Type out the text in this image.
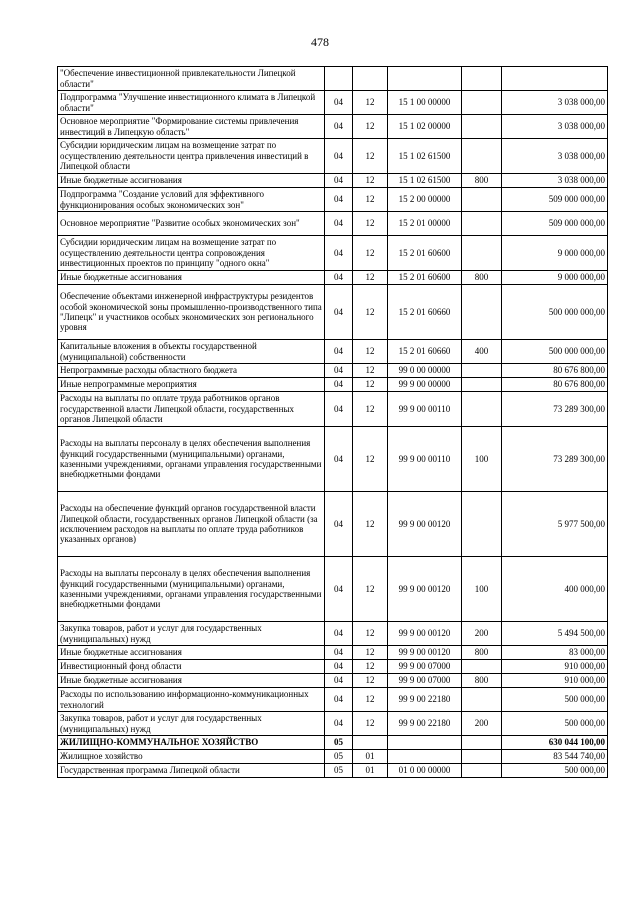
478
"Обеспечение инвестиционной привлекательности Липецкой области"					
Подпрограмма "Улучшение инвестиционного климата в Липецкой области"	04	12	15 1 00 00000		3 038 000,00
Основное мероприятие "Формирование системы привлечения инвестиций в Липецкую область"	04	12	15 1 02 00000		3 038 000,00
Субсидии юридическим лицам на возмещение затрат по осуществлению деятельности центра привлечения инвестиций в Липецкой области	04	12	15 1 02 61500		3 038 000,00
Иные бюджетные ассигнования	04	12	15 1 02 61500	800	3 038 000,00
Подпрограмма "Создание условий для эффективного функционирования особых экономических зон"	04	12	15 2 00 00000		509 000 000,00
Основное мероприятие "Развитие особых экономических зон"	04	12	15 2 01 00000		509 000 000,00
Субсидии юридическим лицам на возмещение затрат по осуществлению деятельности центра сопровождения инвестиционных проектов по принципу "одного окна"	04	12	15 2 01 60600		9 000 000,00
Иные бюджетные ассигнования	04	12	15 2 01 60600	800	9 000 000,00
Обеспечение объектами инженерной инфраструктуры резидентов особой экономической зоны промышленно-производственного типа "Липецк" и участников особых экономических зон регионального уровня	04	12	15 2 01 60660		500 000 000,00
Капитальные вложения в объекты государственной (муниципальной) собственности	04	12	15 2 01 60660	400	500 000 000,00
Непрограммные расходы областного бюджета	04	12	99 0 00 00000		80 676 800,00
Иные непрограммные мероприятия	04	12	99 9 00 00000		80 676 800,00
Расходы на выплаты по оплате труда работников органов государственной власти Липецкой области, государственных органов Липецкой области	04	12	99 9 00 00110		73 289 300,00
Расходы на выплаты персоналу в целях обеспечения выполнения функций государственными (муниципальными) органами, казенными учреждениями, органами управления государственными внебюджетными фондами	04	12	99 9 00 00110	100	73 289 300,00
Расходы на обеспечение функций органов государственной власти Липецкой области, государственных органов Липецкой области (за исключением расходов на выплаты по оплате труда работников указанных органов)	04	12	99 9 00 00120		5 977 500,00
Расходы на выплаты персоналу в целях обеспечения выполнения функций государственными (муниципальными) органами, казенными учреждениями, органами управления государственными внебюджетными фондами	04	12	99 9 00 00120	100	400 000,00
Закупка товаров, работ и услуг для государственных (муниципальных) нужд	04	12	99 9 00 00120	200	5 494 500,00
Иные бюджетные ассигнования	04	12	99 9 00 00120	800	83 000,00
Инвестиционный фонд области	04	12	99 9 00 07000		910 000,00
Иные бюджетные ассигнования	04	12	99 9 00 07000	800	910 000,00
Расходы по использованию информационно-коммуникационных технологий	04	12	99 9 00 22180		500 000,00
Закупка товаров, работ и услуг для государственных (муниципальных) нужд	04	12	99 9 00 22180	200	500 000,00
ЖИЛИЩНО-КОММУНАЛЬНОЕ ХОЗЯЙСТВО	05				630 044 100,00
Жилищное хозяйство	05	01			83 544 740,00
Государственная программа Липецкой области	05	01	01 0 00 00000		500 000,00
